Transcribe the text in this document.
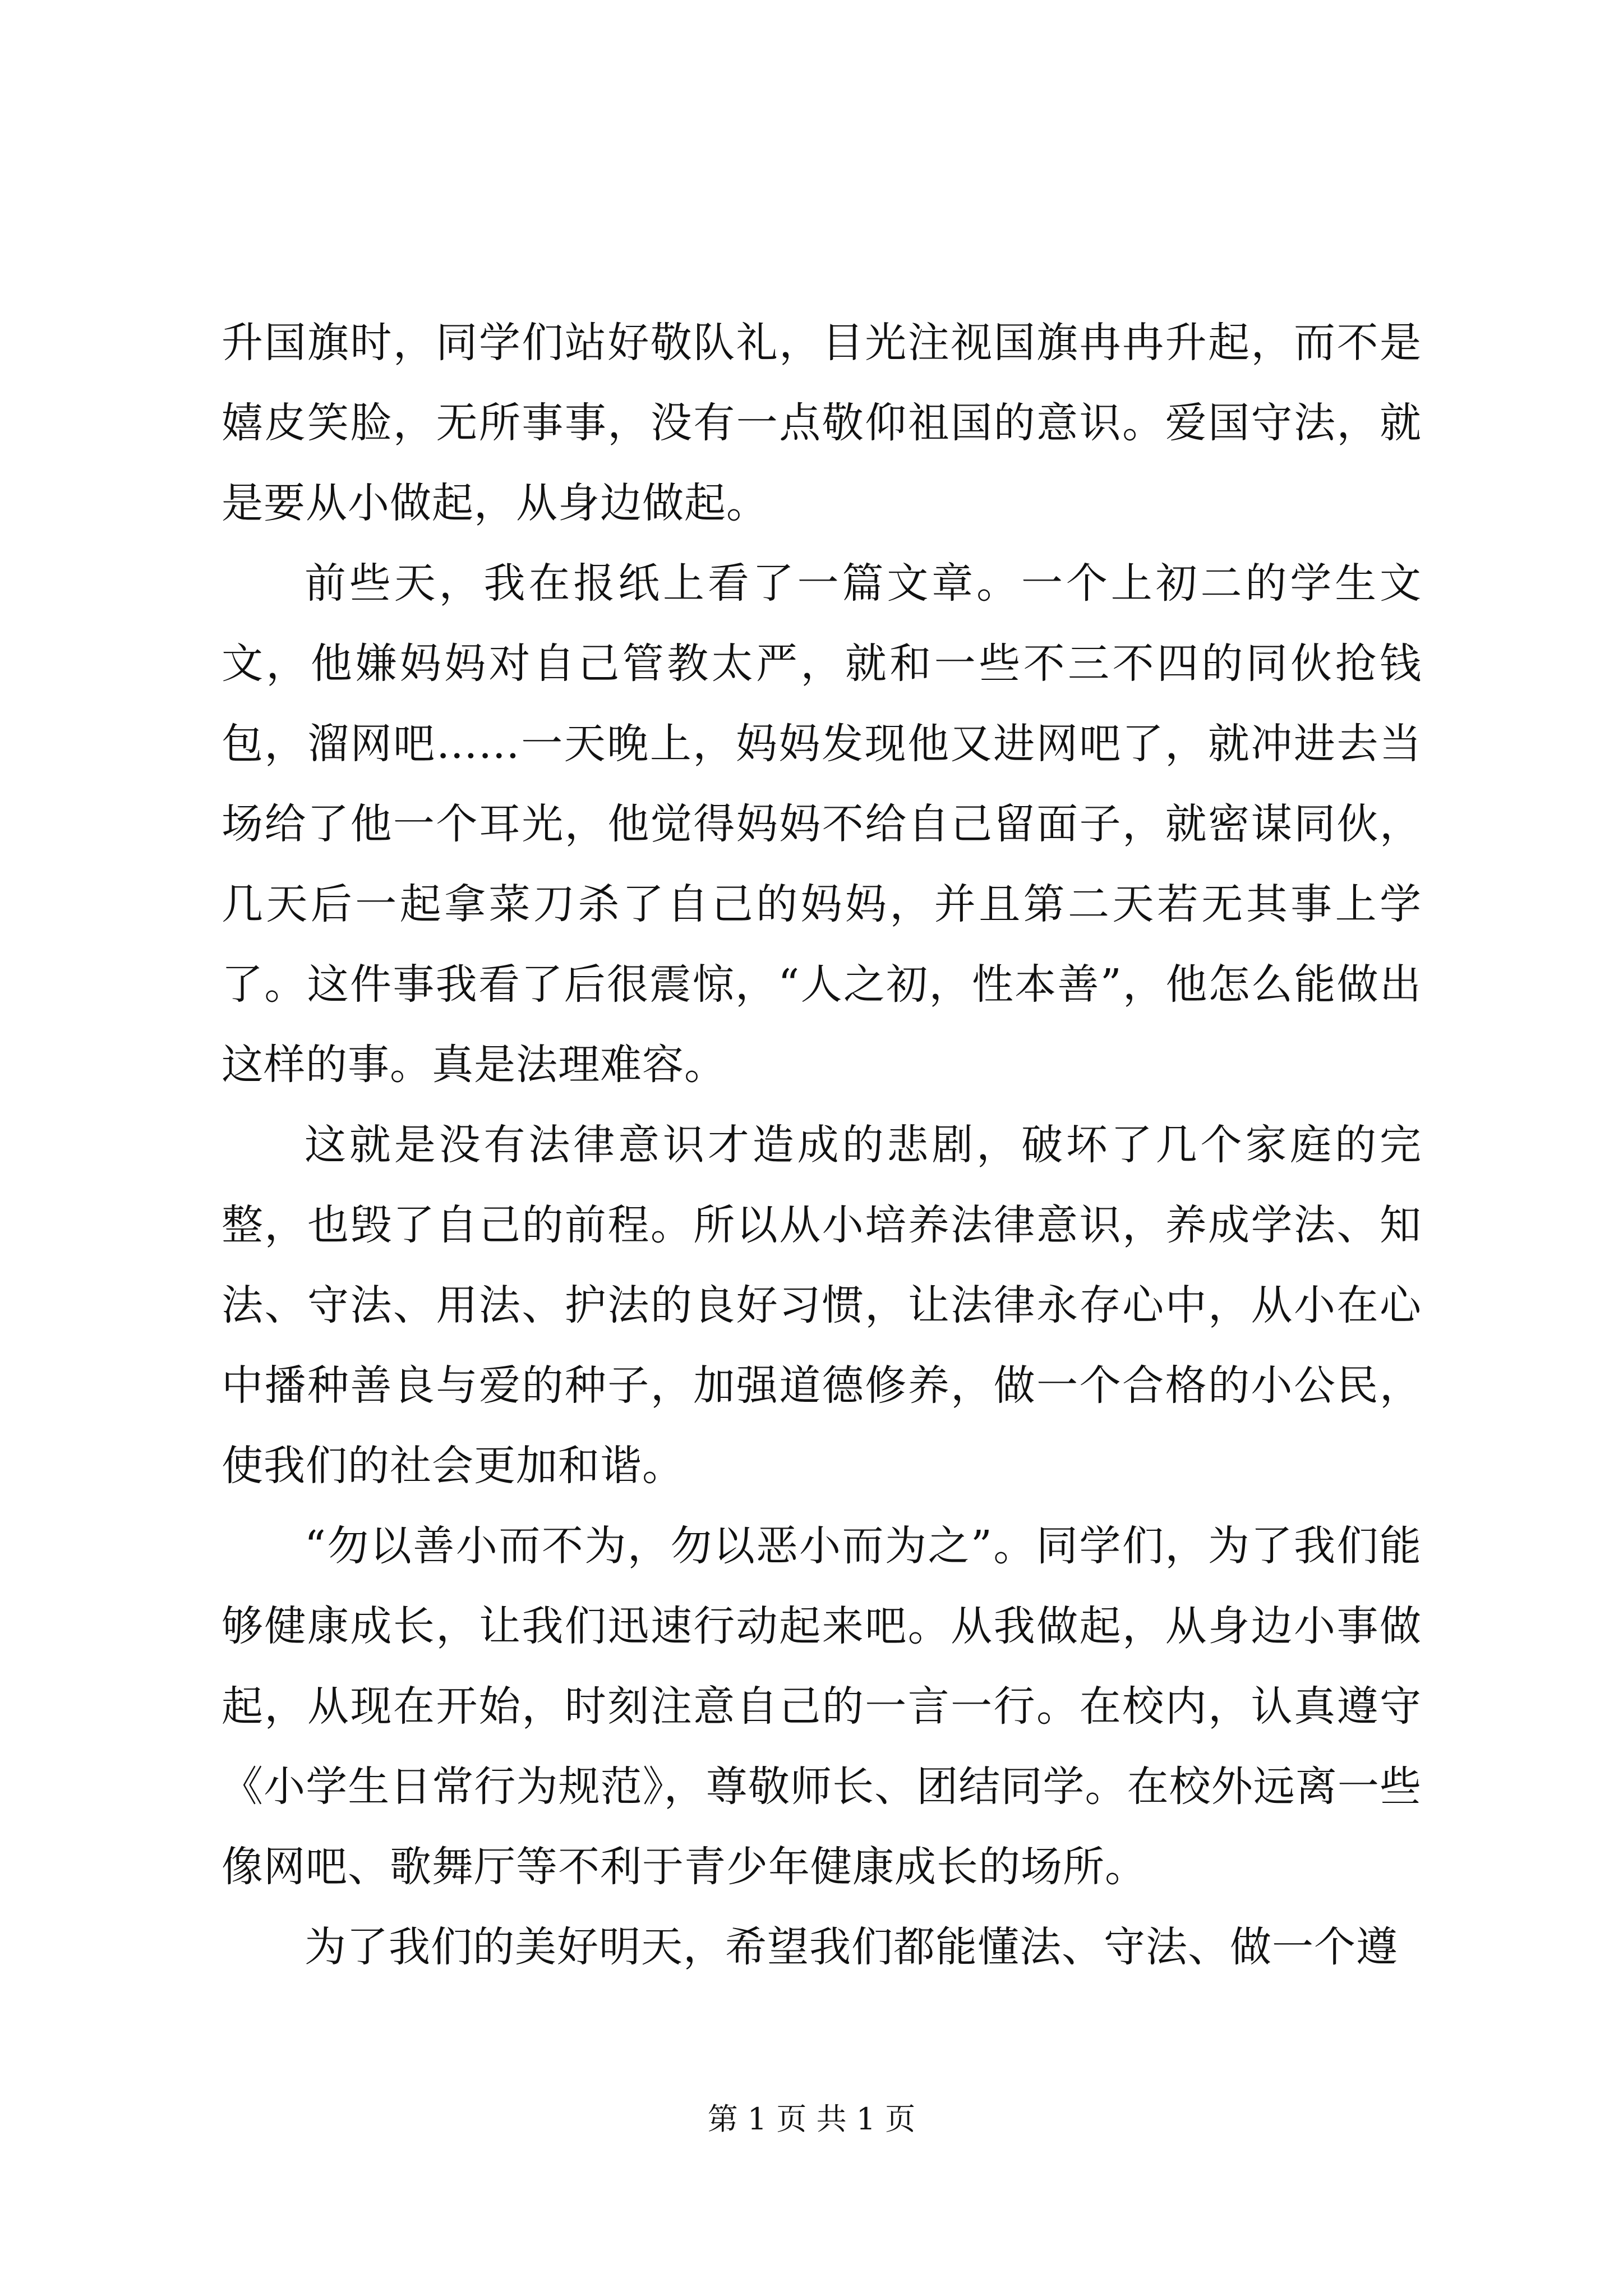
升国旗时，同学们站好敬队礼，目光注视国旗冉冉升起，而不是嬉皮笑脸，无所事事，没有一点敬仰祖国的意识。爱国守法，就是要从小做起，从身边做起。

前些天，我在报纸上看了一篇文章。一个上初二的学生文文，他嫌妈妈对自己管教太严，就和一些不三不四的同伙抢钱包，溜网吧……一天晚上，妈妈发现他又进网吧了，就冲进去当场给了他一个耳光，他觉得妈妈不给自己留面子，就密谋同伙，几天后一起拿菜刀杀了自己的妈妈，并且第二天若无其事上学了。这件事我看了后很震惊，“人之初，性本善”，他怎么能做出这样的事。真是法理难容。

这就是没有法律意识才造成的悲剧，破坏了几个家庭的完整，也毁了自己的前程。所以从小培养法律意识，养成学法、知法、守法、用法、护法的良好习惯，让法律永存心中，从小在心中播种善良与爱的种子，加强道德修养，做一个合格的小公民，使我们的社会更加和谐。

“勿以善小而不为，勿以恶小而为之”。同学们，为了我们能够健康成长，让我们迅速行动起来吧。从我做起，从身边小事做起，从现在开始，时刻注意自己的一言一行。在校内，认真遵守《小学生日常行为规范》，尊敬师长、团结同学。在校外远离一些像网吧、歌舞厅等不利于青少年健康成长的场所。

为了我们的美好明天，希望我们都能懂法、守法、做一个遵

第 1 页 共 1 页
